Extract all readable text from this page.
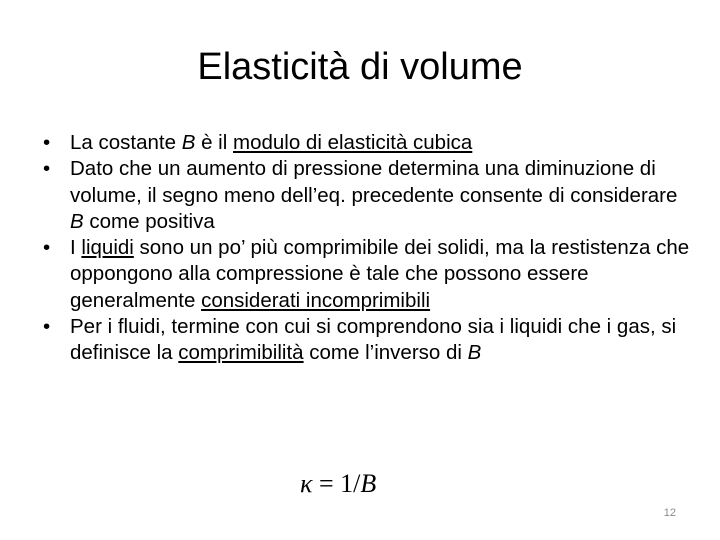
Elasticità di volume

• La costante B è il modulo di elasticità cubica

• Dato che un aumento di pressione determina una diminuzione di volume, il segno meno dell’eq. precedente consente di considerare B come positiva

• I liquidi sono un po’ più comprimibile dei solidi, ma la restistenza che oppongono alla compressione è tale che possono essere generalmente considerati incomprimibili

• Per i fluidi, termine con cui si comprendono sia i liquidi che i gas, si definisce la comprimibilità come l’inverso di B

κ = 1/B
12
